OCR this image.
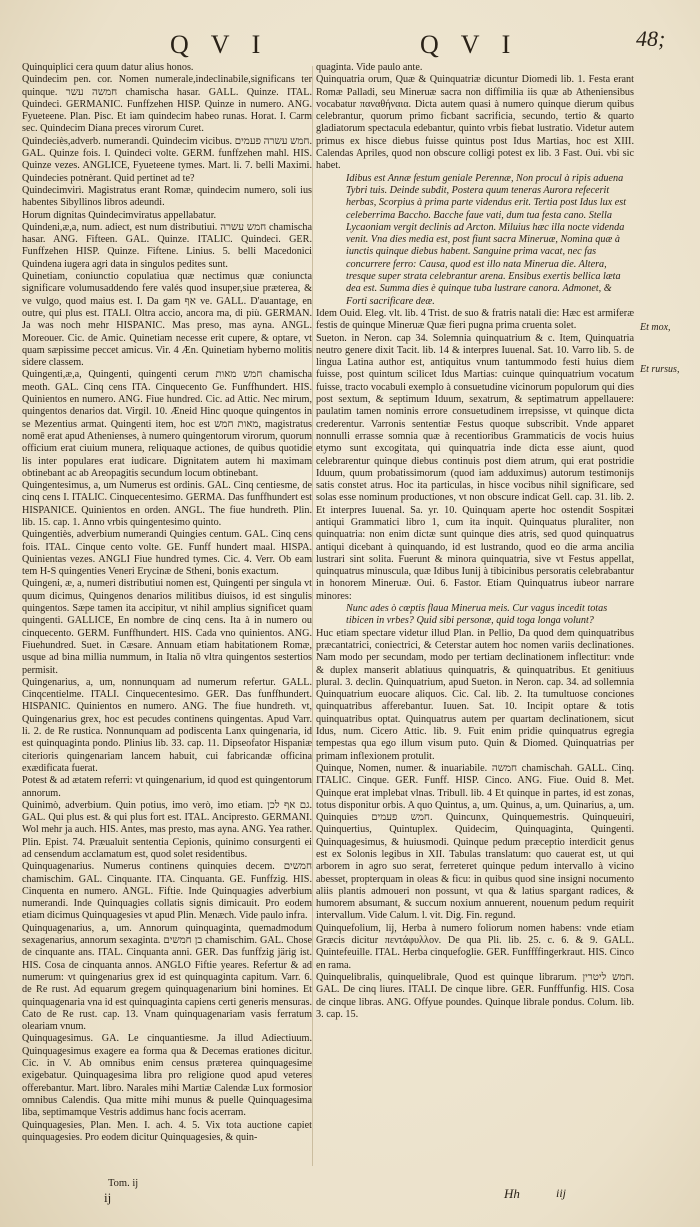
Q V I	Q V I	48;

Quinquiplici cera quum datur alius honos.

Quindecim pen. cor. Nomen numerale,indeclinabile,significans ter quinque. חמשה עשר chamischa hasar. GALL. Quinze. ITAL. Quindeci. GERMANIC. Funffzehen HISP. Quinze in numero. ANG. Fyueteene. Plan. Pisc. Et iam quindecim habeo runas. Horat. I. Carm sec. Quindecim Diana preces virorum Curet.

Quindeciès,adverb. numerandi. Quindecim vicibus. חמש עשרה פעמים. GAL. Quinze fois. I. Quindeci volte. GERM. funffzehen mahl. HIS. Quinze vezes. ANGLICE, Fyueteene tymes. Mart. li. 7. belli Maximi. Quindecies potnèrant. Quid pertinet ad te?

Quindecimvirì. Magistratus erant Romæ, quindecim numero, soli ius habentes Sibyllinos libros adeundi.

Horum dignitas Quindecimviratus appellabatur.

Quindeni,æ,a, num. adiect, est num distributiui. חמש עשרה chamischa hasar. ANG. Fifteen. GAL. Quinze. ITALIC. Quindeci. GER. Funffzehen HISP. Quinze. Fiftene. Linius. 5. belli Macedonici Quindena iugera agri data in singulos pedites sunt.

Quinetiam, coniunctio copulatiua quæ nectimus quæ coniuncta significare volumusaddendo fere valés quod insuper,siue præterea, & ve vulgo, quod maius est. I. Da gam אף ve. GALL. D'auantage, en outre, qui plus est. ITALI. Oltra accio, ancora ma, di più. GERMAN. Ja was noch mehr HISPANIC. Mas preso, mas ayna. ANGL. Moreouer. Cic. de Amic. Quinetiam necesse erit cupere, & optare, vt quam sæpissime peccet amicus. Vir. 4 Æn. Quinetiam hyberno molitis sidere classem.

Quingenti,æ,a, Quingenti, quingenti cerum חמש מאות chamischa meoth. GAL. Cinq cens ITA. Cinquecento Ge. Funffhundert. HIS. Quinientos en numero. ANG. Fiue hundred. Cic. ad Attic. Nec mirum, quingentos denarios dat. Virgil. 10. Æneid Hinc quoque quingentos in se Mezentius armat. Quingenti item, hoc est מאות חמש, magistratus nomē erat apud Athenienses, à numero quingentorum virorum, quorum officium erat ciuium munera, reliquaque actiones, de quibus quotidie lis inter populares erat iudicare. Dignitatem autem hi maximam obtinebant ac ab Areopagitis secundum locum obtinebant.

Quingentesimus, a, um Numerus est ordinis. GAL. Cinq centiesme, de cinq cens I. ITALIC. Cinquecentesimo. GERMA. Das funffhundert est HISPANICE. Quinientos en orden. ANGL. The fiue hundreth. Plin. lib. 15. cap. 1. Anno vrbis quingentesimo quinto.

Quingentiès, adverbium numerandi Quingies centum. GAL. Cinq cens fois. ITAL. Cinque cento volte. GE. Funff hundert maal. HISPA. Quinientas vezes. ANGLI Fiue hundred tymes. Cic. 4. Verr. Ob eam tem H-S quingenties Veneri Erycinæ de Stheni, bonis exactum.

Quingeni, æ, a, numeri distributiui nomen est, Quingenti per singula vt quum dicimus, Quingenos denarios militibus diuisos, id est singulis quingentos. Sæpe tamen ita accipitur, vt nihil amplius significet quam quingenti. GALLICE, En nombre de cinq cens. Ita à in numero ou cinquecento. GERM. Funffhundert. HIS. Cada vno quinientos. ANG. Fiuehundred. Suet. in Cæsare. Annuam etiam habitationem Romæ, usque ad bina millia nummum, in Italia nō vltra quingentos sestertios permisit.

Quingenarius, a, um, nonnunquam ad numerum refertur. GALL. Cinqcentielme. ITALI. Cinquecentesimo. GER. Das funffhundert. HISPANIC. Quinientos en numero. ANG. The fiue hundreth. vt, Quingenarius grex, hoc est pecudes continens quingentas. Apud Varr. li. 2. de Re rustica. Nonnunquam ad podiscenta Lanx quingenaria, id est quinquaginta pondo. Plinius lib. 33. cap. 11. Dipseofator Hispaniæ citerioris quingenariam lancem habuit, cui fabricandæ officina exædificata fuerat.

Potest & ad ætatem referri: vt quingenarium, id quod est quingentorum annorum.

Quinimò, adverbium. Quin potius, imo verò, imo etiam. גם אף לכן. GAL. Qui plus est. & qui plus fort est. ITAL. Ancipresto. GERMANI. Wol mehr ja auch. HIS. Antes, mas presto, mas ayna. ANG. Yea rather. Plin. Epist. 74. Præualuit sententia Cepionis, quinimo consurgenti ei ad censendum acclamatum est, quod solet residentibus.

Quinquagenarius. Numerus continens quinquies decem. חמשים chamischim. GAL. Cinquante. ITA. Cinquanta. GE. Funffzig. HIS. Cinquenta en numero. ANGL. Fiftie. Inde Quinquagies adverbium numerandi. Inde Quinquagies collatis signis dimicauit. Pro eodem etiam dicimus Quinquagesies vt apud Plin. Menæch. Vide paulo infra.

Quinquagenarius, a, um. Annorum quinquaginta, quemadmodum sexagenarius, annorum sexaginta. בן חמשים chamischim. GAL. Chose de cinquante ans. ITAL. Cinquanta anni. GER. Das funffzig järig ist. HIS. Cosa de cinquanta annos. ANGLO Fiftie yeares. Refertur & ad numerum: vt quingenarius grex id est quinquaginta capitum. Varr. 6. de Re rust. Ad equarum gregem quinquagenarium bini homines. Et quinquagenaria vna id est quinquaginta capiens certi generis mensuras. Cato de Re rust. cap. 13. Vnam quinquagenariam vasis ferratum oleariam vnum.

Quinquagesimus. GA. Le cinquantiesme. Ja illud Adiectiuum. Quinquagesimus exagere ea forma qua & Decemas erationes dicitur. Cic. in V. Ab omnibus enim census præterea quinquagesime exigebatur. Quinquagesima libra pro religione quod apud veteres offerebantur. Mart. libro. Narales mihi Martiæ Calendæ Lux formosior omnibus Calendis. Qua mitte mihi munus & puelle Quinquagesima liba, septimamque Vestris addimus hanc focis acerram.

Quinquagesies, Plan. Men. I. ach. 4. 5. Vix tota auctione capiet quinquagesies. Pro eodem dicitur Quinquagesies, & quin-

quaginta. Vide paulo ante.

Quinquatria orum, Quæ & Quinquatriæ dicuntur Diomedi lib. 1. Festa erant Romæ Palladi, seu Mineruæ sacra non diffimilia iis quæ ab Atheniensibus vocabatur παναθήναια. Dicta autem quasi à numero quinque dierum quibus celebrantur, quorum primo ficbant sacrificia, secundo, tertio & quarto gladiatorum spectacula edebantur, quinto vrbis fiebat lustratio. Videtur autem primus ex hisce diebus fuisse quintus post Idus Martias, hoc est XIII. Calendas Apriles, quod non obscure colligi potest ex lib. 3 Fast. Oui. vbi sic habet.

Idibus est Annæ festum geniale Perennæ, Non procul à ripis aduena Tybri tuis. Deinde subdit, Postera quum teneras Aurora refecerit herbas, Scorpius à prima parte videndus erit. Tertia post Idus lux est celeberrima Baccho. Bacche faue vati, dum tua festa cano. Stella Lycaoniam vergit declinis ad Arcton. Miluius hæc illa nocte videnda venit. Vna dies media est, post fiunt sacra Mineruæ, Nomina quæ à iunctis quinque diebus habent. Sanguine prima vacat, nec fas concurrere ferro: Causa, quod est illo nata Minerua die. Altera, tresque super strata celebrantur arena. Ensibus exertis bellica læta dea est. Summa dies è quinque tuba lustrare canora. Admonet, & Forti sacrificare deæ.

Idem Ouid. Eleg. vlt. lib. 4 Trist. de suo & fratris natali die: Hæc est armiferæ festis de quinque Mineruæ Quæ fieri pugna prima cruenta solet.

Sueton. in Neron. cap 34. Solemnia quinquatrium & c. Item, Quinquatria neutro genere dixit Tacit. lib. 14 & interpres Iuuenal. Sat. 10. Varro lib. 5. de lingua Latina author est, antiquitus vnum tantummodo festi huius diem fuisse, post quintum scilicet Idus Martias: cuinque quinquatrium vocatum fuisse, tracto vocabuli exemplo à consuetudine vicinorum populorum qui dies post sextum, & septimum Iduum, sexatrum, & septimatrum appellauere: paulatim tamen nominis errore consuetudinem irrepsisse, vt quinque dicta crederentur. Varronis sententiæ Festus quoque subscribit. Vnde apparet nonnulli errasse somnia quæ à recentioribus Grammaticis de vocis huius etymo sunt excogitata, qui quinquatria inde dicta esse aiunt, quod celebrarentur quinque diebus continuis post diem atrum, qui erat postridie Iduum, quum probatissimorum (quod iam adduximus) autorum testimonijs satis constet atrus. Hoc ita particulas, in hisce vocibus nihil significare, sed solas esse nominum productiones, vt non obscure indicat Gell. cap. 31. lib. 2. Et interpres Iuuenal. Sa. yr. 10. Quinquam aperte hoc ostendit Sospitæi antiqui Grammatici libro 1, cum ita inquit. Quinquatus pluraliter, non quinquatria: non enim dictæ sunt quinque dies atris, sed quod quinquatrus antiqui dicebant à quinquando, id est lustrando, quod eo die arma ancilia lustrari sint solita. Fuerunt & minora quinquatria, sive vt Festus appellat, quinquatrus minuscula, quæ Idibus Iunij à tibicinibus persoratis celebrabantur in honorem Mineruæ. Oui. 6. Fastor. Etiam Quinquatrus iubeor narrare minores:

Nunc ades ò cœptis flaua Minerua meis. Cur vagus incedit totas tibicen in vrbes? Quid sibi personæ, quid toga longa volunt?

Huc etiam spectare videtur illud Plan. in Pellio, Da quod dem quinquatribus præcantatrici, coniectrici, & Ceterstar autem hoc nomen variis declinationes. Nam modo per secundam, modo per tertiam declinationem inflectitur: vnde & duplex manserit ablatiuus quinquatris, & quinquatribus. Et genitiuus plural. 3. declin. Quinquatrium, apud Sueton. in Neron. cap. 34. ad sollemnia Quinquatrium euocare aliquos. Cic. Cal. lib. 2. Ita tumultuose conciones quinquatribus afferebantur. Iuuen. Sat. 10. Incipit optare & totis quinquatribus optat. Quinquatrus autem per quartam declinationem, sicut Idus, num. Cicero Attic. lib. 9. Fuit enim pridie quinquatrus egregia tempestas qua ego illum visum puto. Quin & Diomed. Quinquatrias per primam inflexionem protulit.

Quinque, Nomen, numer. & inuariabile. חמשה chamischah. GALL. Cinq. ITALIC. Cinque. GER. Funff. HISP. Cinco. ANG. Fiue. Ouid 8. Met. Quinque erat implebat vlnas. Tribull. lib. 4 Et quinque in partes, id est zonas, totus disponitur orbis. A quo Quintus, a, um. Quinus, a, um. Quinarius, a, um. Quinquies חמש פעמים. Quincunx, Quinquemestris. Quinqueuiri, Quinquertius, Quintuplex. Quidecim, Quinquaginta, Quingenti. Quinquagesimus, & huiusmodi. Quinque pedum præceptio interdicit genus est ex Solonis legibus in XII. Tabulas translatum: quo cauerat est, ut qui arborem in agro suo serat, ferreteret quinque pedum intervallo à vicino abesset, propterquam in oleas & ficu: in quibus quod sine insigni nocumento aliis plantis admoueri non possunt, vt qua & latius spargant radices, & humorem absumant, & succum noxium annuerent, nouenum pedum requirit intervallum. Vide Calum. l. vit. Dig. Fin. regund.

Quinquefolium, lij, Herba à numero foliorum nomen habens: vnde etiam Græcis dicitur πεντάφυλλον. De qua Pli. lib. 25. c. 6. & 9. GALL. Quintefeuille. ITAL. Herba cinquefoglie. GER. Funffffingerkraut. HIS. Cinco en rama.

Quinquelibralis, quinquelibrale, Quod est quinque librarum. חמש ליטרין. GAL. De cinq liures. ITALI. De cinque libre. GER. Funfffunfig. HIS. Cosa de cinque libras. ANG. Offyue poundes. Quinque librale pondus. Colum. lib. 3. cap. 15.

Et mox,
Et rursus,
Tom. ij
ij	Hh	iij
